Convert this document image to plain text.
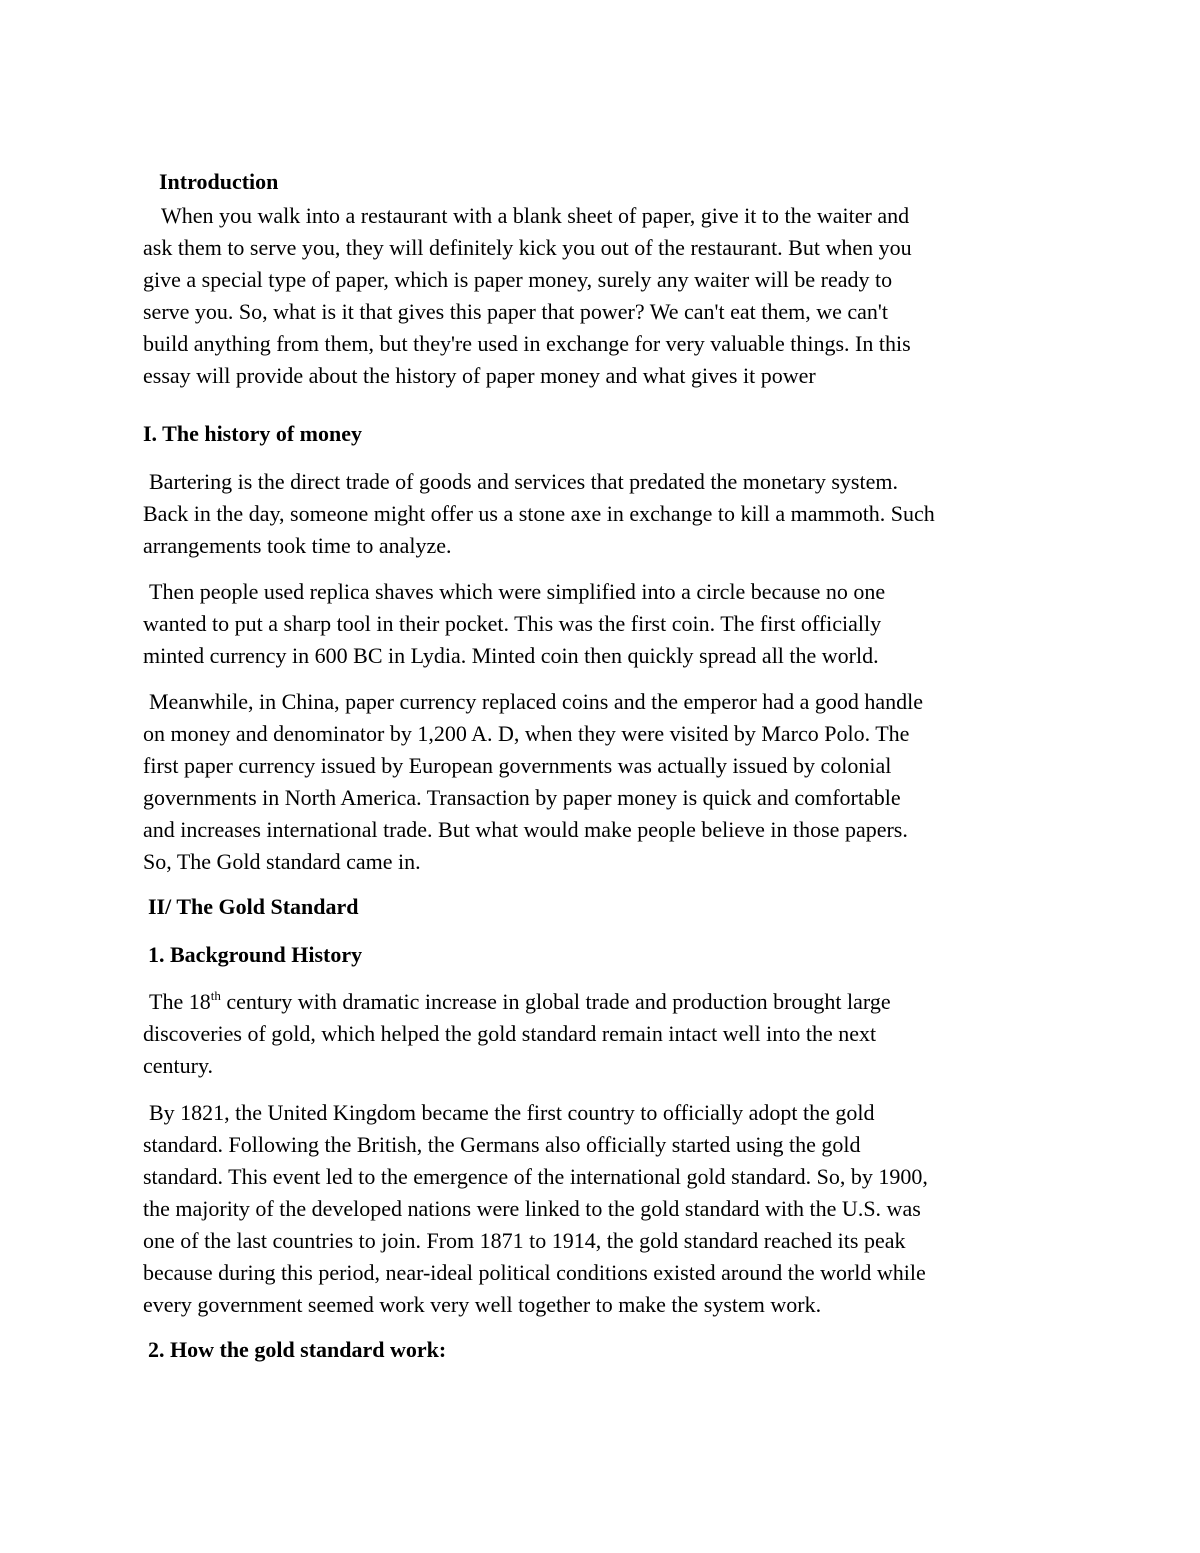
Introduction
When you walk into a restaurant with a blank sheet of paper, give it to the waiter and
ask them to serve you, they will definitely kick you out of the restaurant. But when you
give a special type of paper, which is paper money, surely any waiter will be ready to
serve you. So, what is it that gives this paper that power? We can't eat them, we can't
build anything from them, but they're used in exchange for very valuable things. In this
essay will provide about the history of paper money and what gives it power
I. The history of money
Bartering is the direct trade of goods and services that predated the monetary system.
Back in the day, someone might offer us a stone axe in exchange to kill a mammoth. Such
arrangements took time to analyze.
Then people used replica shaves which were simplified into a circle because no one
wanted to put a sharp tool in their pocket. This was the first coin. The first officially
minted currency in 600 BC in Lydia. Minted coin then quickly spread all the world.
Meanwhile, in China, paper currency replaced coins and the emperor had a good handle
on money and denominator by 1,200 A. D, when they were visited by Marco Polo. The
first paper currency issued by European governments was actually issued by colonial
governments in North America. Transaction by paper money is quick and comfortable
and increases international trade. But what would make people believe in those papers.
So, The Gold standard came in.
II/ The Gold Standard
1. Background History
The 18th century with dramatic increase in global trade and production brought large
discoveries of gold, which helped the gold standard remain intact well into the next
century.
By 1821, the United Kingdom became the first country to officially adopt the gold
standard. Following the British, the Germans also officially started using the gold
standard. This event led to the emergence of the international gold standard. So, by 1900,
the majority of the developed nations were linked to the gold standard with the U.S. was
one of the last countries to join. From 1871 to 1914, the gold standard reached its peak
because during this period, near-ideal political conditions existed around the world while
every government seemed work very well together to make the system work.
2. How the gold standard work:
